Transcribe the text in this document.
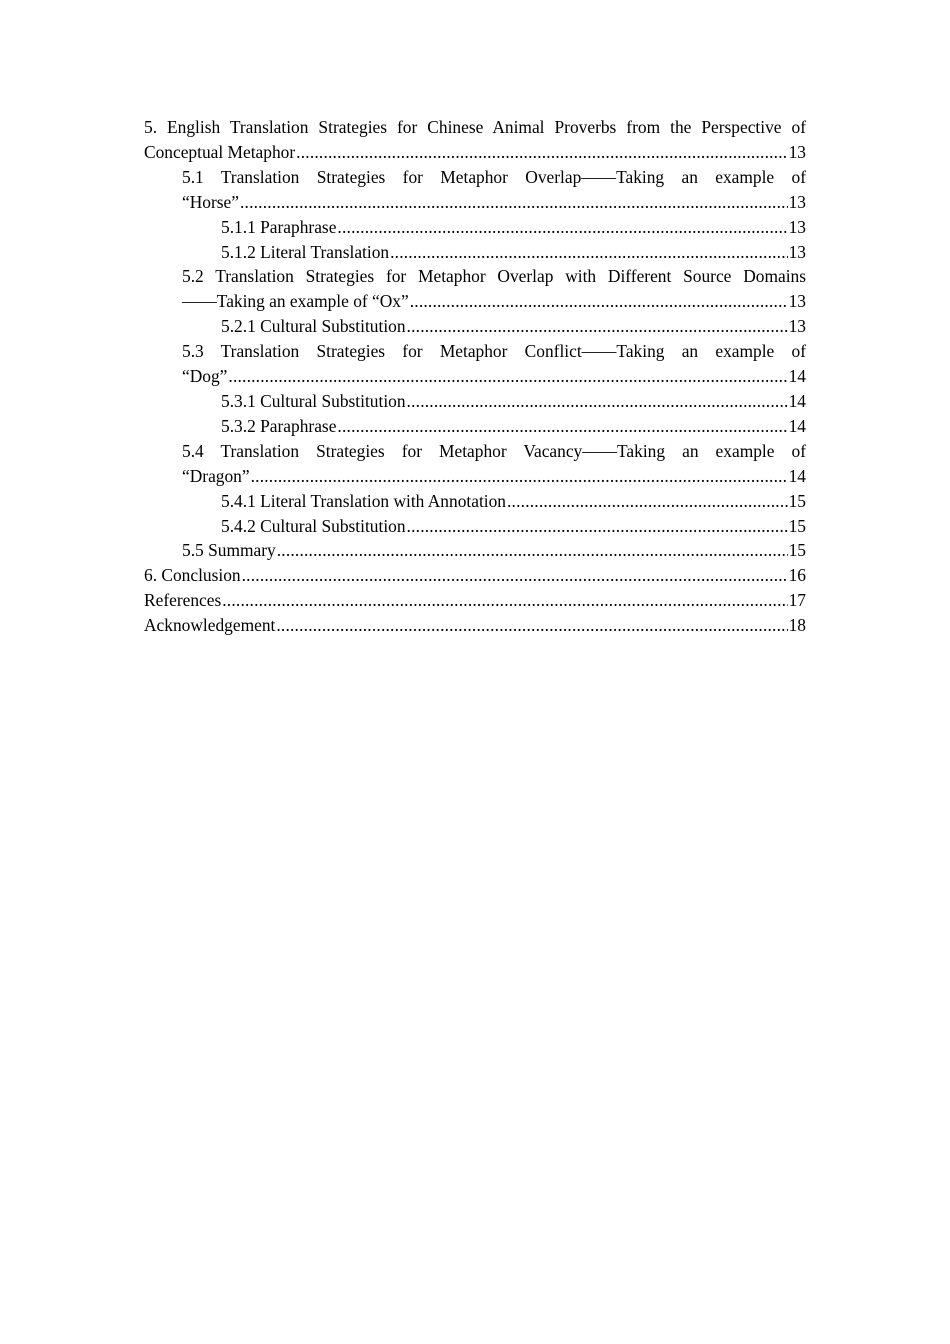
5. English Translation Strategies for Chinese Animal Proverbs from the Perspective of
Conceptual Metaphor .....	13
5.1 Translation Strategies for Metaphor Overlap——Taking an example of
“Horse” .....	13
5.1.1 Paraphrase .....	13
5.1.2 Literal Translation .....	13
5.2 Translation Strategies for Metaphor Overlap with Different Source Domains
——Taking an example of “Ox” .....	13
5.2.1 Cultural Substitution .....	13
5.3 Translation Strategies for Metaphor Conflict——Taking an example of
“Dog” .....	14
5.3.1 Cultural Substitution .....	14
5.3.2 Paraphrase .....	14
5.4 Translation Strategies for Metaphor Vacancy——Taking an example of
“Dragon” .....	14
5.4.1 Literal Translation with Annotation .....	15
5.4.2 Cultural Substitution .....	15
5.5 Summary .....	15
6. Conclusion .....	16
References .....	17
Acknowledgement .....	18
